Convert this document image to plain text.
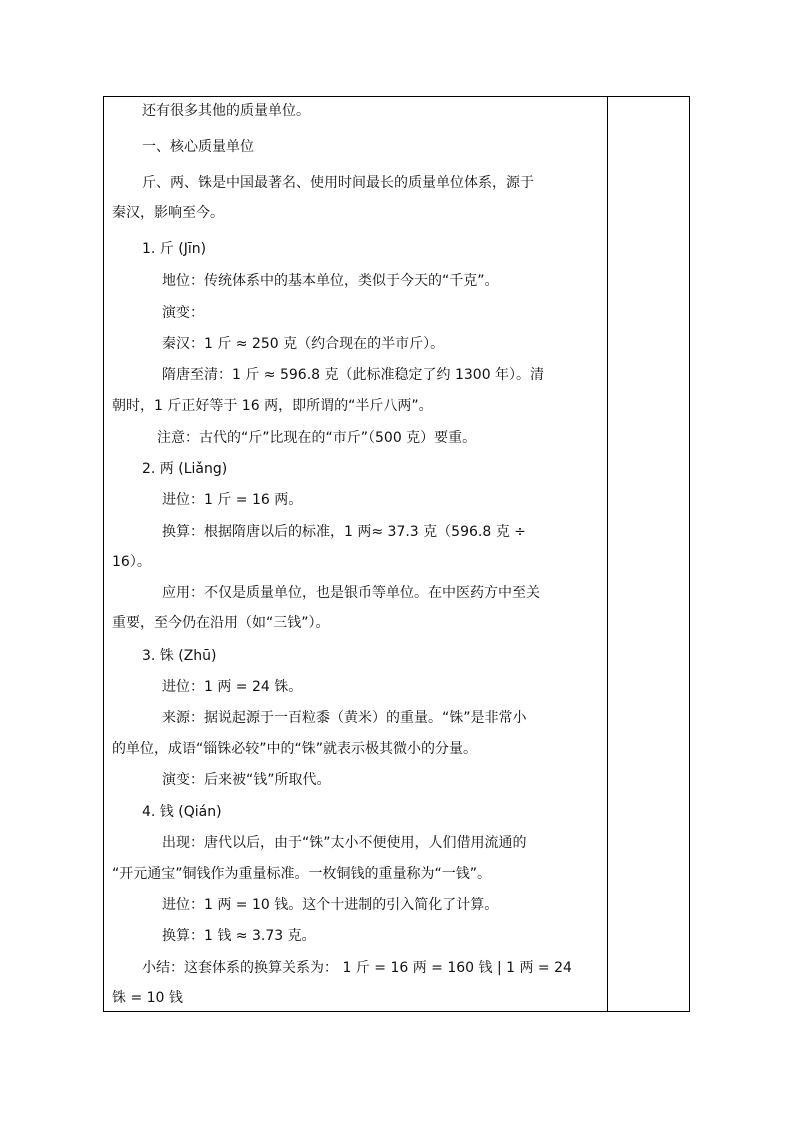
还有很多其他的质量单位。
一、核心质量单位
斤、两、铢是中国最著名、使用时间最长的质量单位体系，源于
秦汉，影响至今。
1. 斤 (Jīn)
地位：传统体系中的基本单位，类似于今天的“千克”。
演变：
秦汉：1 斤 ≈ 250 克（约合现在的半市斤）。
隋唐至清：1 斤 ≈ 596.8 克（此标准稳定了约 1300 年）。清
朝时，1 斤正好等于 16 两，即所谓的“半斤八两”。
注意：古代的“斤”比现在的“市斤”（500 克）要重。
2. 两 (Liǎng)
进位：1 斤 = 16 两。
换算：根据隋唐以后的标准，1 两≈ 37.3 克（596.8 克 ÷
16）。
应用：不仅是质量单位，也是银币等单位。在中医药方中至关
重要，至今仍在沿用（如“三钱”）。
3. 铢 (Zhū)
进位：1 两 = 24 铢。
来源：据说起源于一百粒黍（黄米）的重量。“铢”是非常小
的单位，成语“锱铢必较”中的“铢”就表示极其微小的分量。
演变：后来被“钱”所取代。
4. 钱 (Qián)
出现：唐代以后，由于“铢”太小不便使用，人们借用流通的
“开元通宝”铜钱作为重量标准。一枚铜钱的重量称为“一钱”。
进位：1 两 = 10 钱。这个十进制的引入简化了计算。
换算：1 钱 ≈ 3.73 克。
小结：这套体系的换算关系为： 1 斤 = 16 两 = 160 钱 | 1 两 = 24
铢 = 10 钱
